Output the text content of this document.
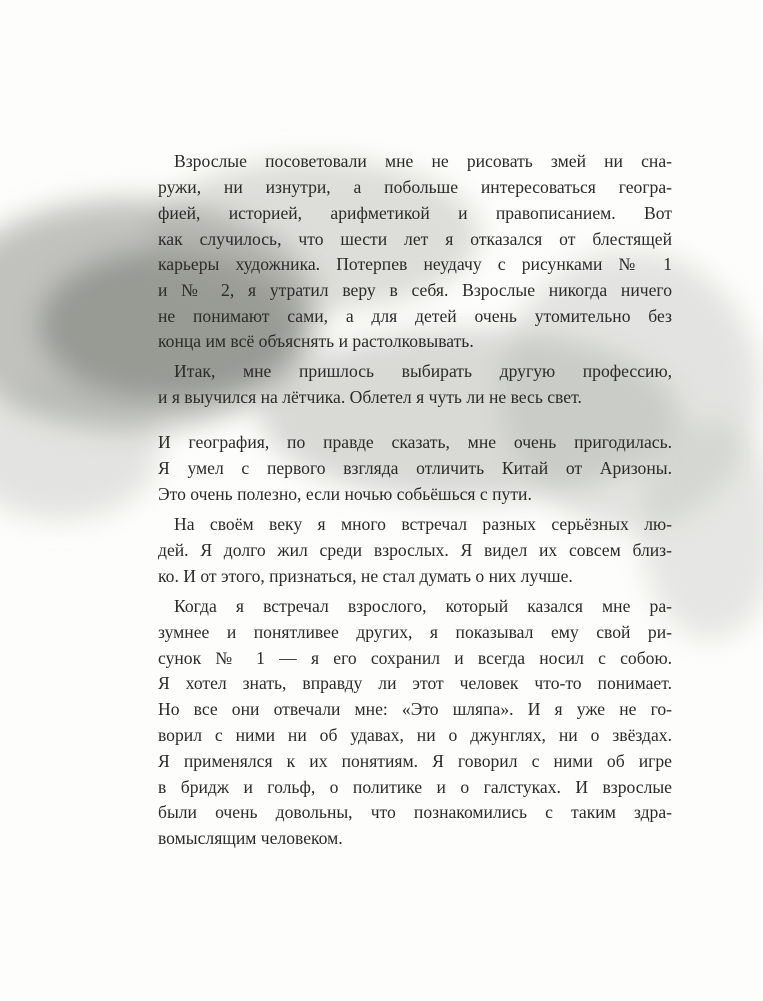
Взрослые посоветовали мне не рисовать змей ни сна-
ружи, ни изнутри, а побольше интересоваться геогра-
фией, историей, арифметикой и правописанием. Вот
как случилось, что шести лет я отказался от блестящей
карьеры художника. Потерпев неудачу с рисунками № 1
и № 2, я утратил веру в себя. Взрослые никогда ничего
не понимают сами, а для детей очень утомительно без
конца им всё объяснять и растолковывать.
Итак, мне пришлось выбирать другую профессию,
и я выучился на лётчика. Облетел я чуть ли не весь свет.
И география, по правде сказать, мне очень пригодилась.
Я умел с первого взгляда отличить Китай от Аризоны.
Это очень полезно, если ночью собьёшься с пути.
На своём веку я много встречал разных серьёзных лю-
дей. Я долго жил среди взрослых. Я видел их совсем близ-
ко. И от этого, признаться, не стал думать о них лучше.
Когда я встречал взрослого, который казался мне ра-
зумнее и понятливее других, я показывал ему свой ри-
сунок № 1 — я его сохранил и всегда носил с собою.
Я хотел знать, вправду ли этот человек что-то понимает.
Но все они отвечали мне: «Это шляпа». И я уже не го-
ворил с ними ни об удавах, ни о джунглях, ни о звёздах.
Я применялся к их понятиям. Я говорил с ними об игре
в бридж и гольф, о политике и о галстуках. И взрослые
были очень довольны, что познакомились с таким здра-
вомыслящим человеком.
